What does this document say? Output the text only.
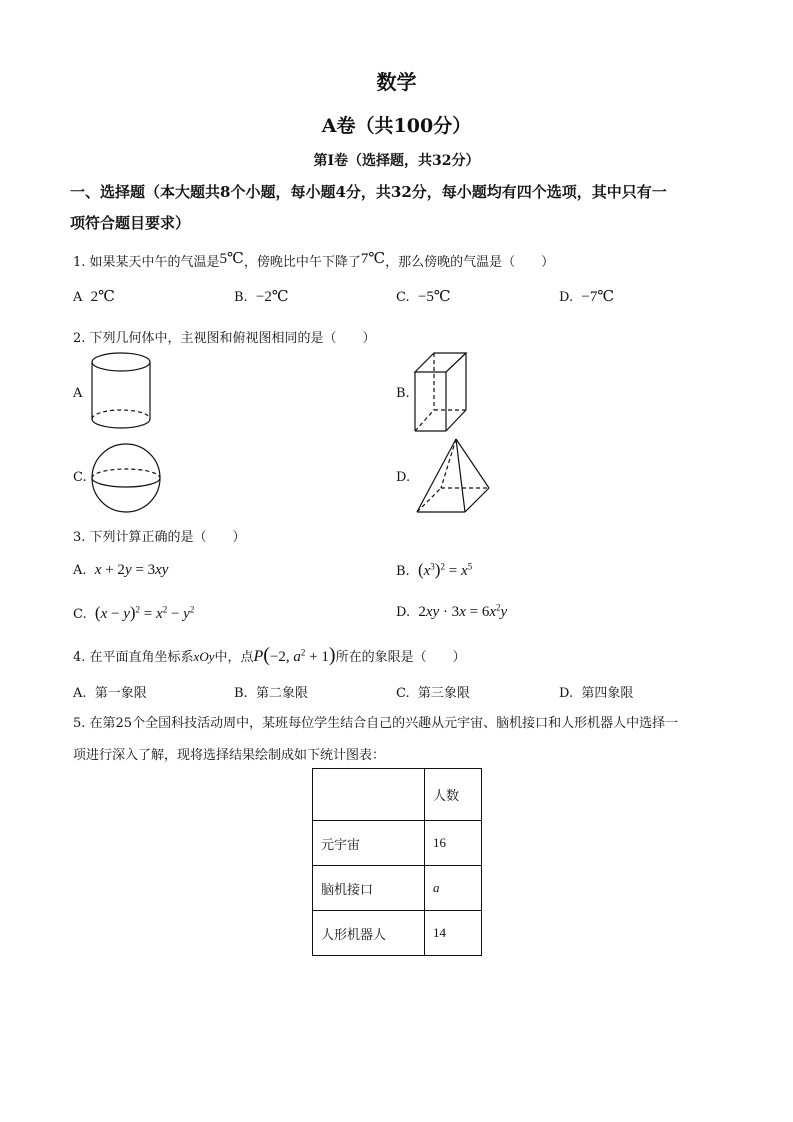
数学
A卷（共100分）
第I卷（选择题，共32分）
一、选择题（本大题共8个小题，每小题4分，共32分，每小题均有四个选项，其中只有一
项符合题目要求）
1. 如果某天中午的气温是5℃，傍晚比中午下降了7℃，那么傍晚的气温是（　　）
A 2℃	B. −2℃	C. −5℃	D. −7℃
2. 下列几何体中，主视图和俯视图相同的是（　　）
A	B.
C.	D.
3. 下列计算正确的是（　　）
A. x + 2y = 3xy	B. $(x^3)^2 = x^5$
C. $(x - y)^2 = x^2 - y^2$	D. $2xy \cdot 3x = 6x^2y$
4. 在平面直角坐标系xOy中，点P(−2, $a^2 + 1$)所在的象限是（　　）
A. 第一象限	B. 第二象限	C. 第三象限	D. 第四象限
5. 在第25个全国科技活动周中，某班每位学生结合自己的兴趣从元宇宙、脑机接口和人形机器人中选择一
项进行深入了解，现将选择结果绘制成如下统计图表：
	人数
元宇宙	16
脑机接口	a
人形机器人	14
